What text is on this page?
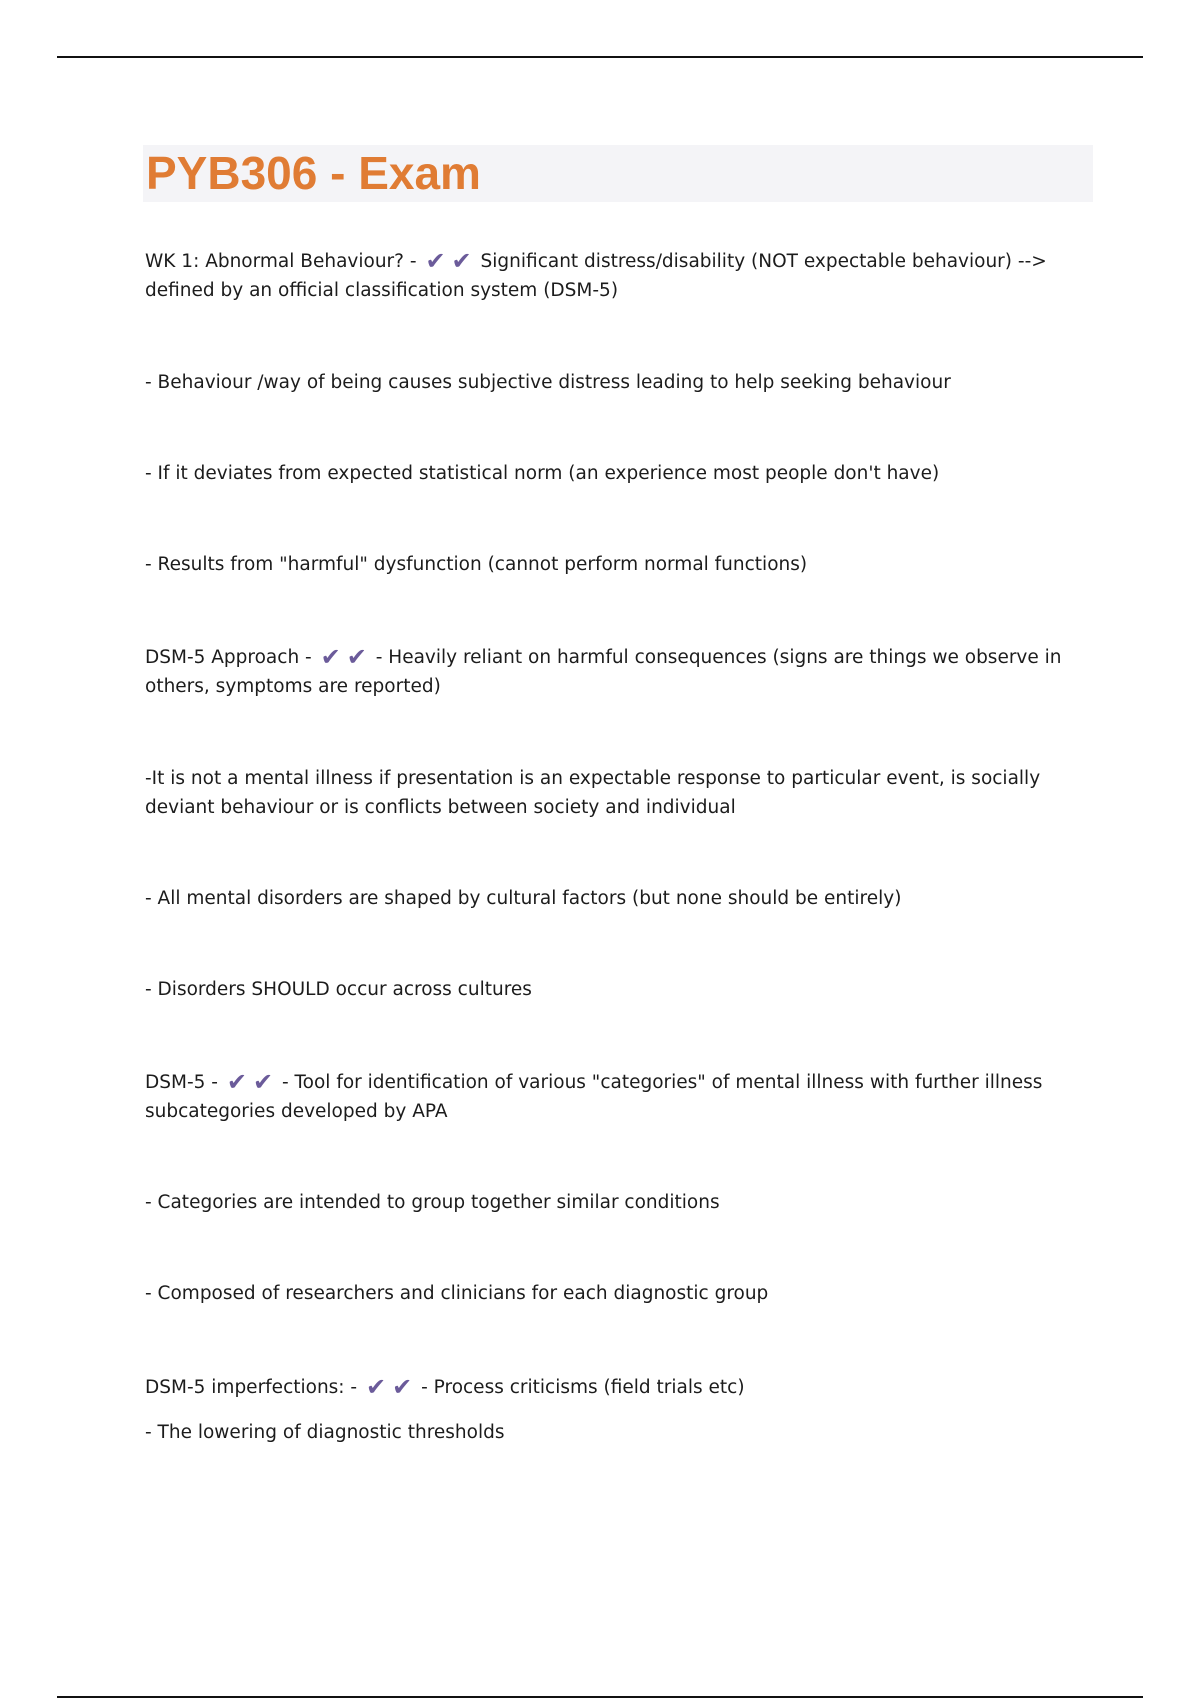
PYB306 - Exam

WK 1: Abnormal Behaviour? - ✔ ✔ Significant distress/disability (NOT expectable behaviour) --> defined by an official classification system (DSM-5)

- Behaviour /way of being causes subjective distress leading to help seeking behaviour

- If it deviates from expected statistical norm (an experience most people don't have)

- Results from "harmful" dysfunction (cannot perform normal functions)

DSM-5 Approach - ✔ ✔ - Heavily reliant on harmful consequences (signs are things we observe in others, symptoms are reported)

-It is not a mental illness if presentation is an expectable response to particular event, is socially deviant behaviour or is conflicts between society and individual

- All mental disorders are shaped by cultural factors (but none should be entirely)

- Disorders SHOULD occur across cultures

DSM-5 - ✔ ✔ - Tool for identification of various "categories" of mental illness with further illness subcategories developed by APA

- Categories are intended to group together similar conditions

- Composed of researchers and clinicians for each diagnostic group

DSM-5 imperfections: - ✔ ✔ - Process criticisms (field trials etc)

- The lowering of diagnostic thresholds
